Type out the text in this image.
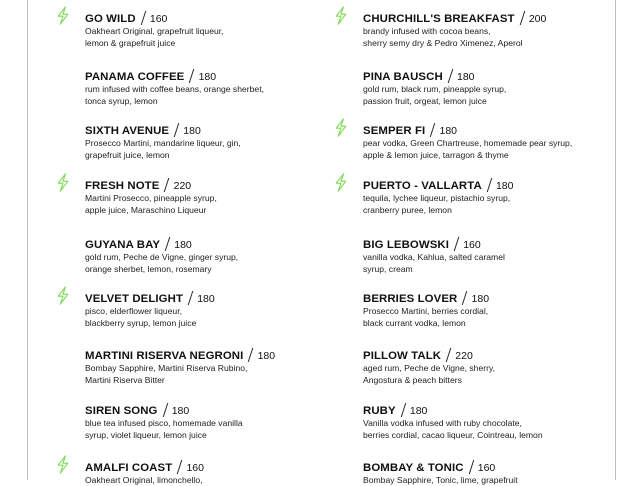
GO WILD 160
Oakheart Original, grapefruit liqueur,
lemon & grapefruit juice
PANAMA COFFEE 180
rum infused with coffee beans, orange sherbet,
tonca syrup, lemon
SIXTH AVENUE 180
Prosecco Martini, mandarine liqueur, gin,
grapefruit juice, lemon
FRESH NOTE 220
Martini Prosecco, pineapple syrup,
apple juice, Maraschino Liqueur
GUYANA BAY 180
gold rum, Peche de Vigne, ginger syrup,
orange sherbet, lemon, rosemary
VELVET DELIGHT 180
pisco, elderflower liqueur,
blackberry syrup, lemon juice
MARTINI RISERVA NEGRONI 180
Bombay Sapphire, Martini Riserva Rubino,
Martini Riserva Bitter
SIREN SONG 180
blue tea infused pisco, homemade vanilla
syrup, violet liqueur, lemon juice
AMALFI COAST 160
Oakheart Original, limonchello,
CHURCHILL'S BREAKFAST 200
brandy infused with cocoa beans,
sherry semy dry & Pedro Ximenez, Aperol
PINA BAUSCH 180
gold rum, black rum, pineapple syrup,
passion fruit, orgeat, lemon juice
SEMPER FI 180
pear vodka, Green Chartreuse, homemade pear syrup,
apple & lemon juice, tarragon & thyme
PUERTO - VALLARTA 180
tequila, lychee liqueur, pistachio syrup,
cranberry puree, lemon
BIG LEBOWSKI 160
vanilla vodka, Kahlua, salted caramel
syrup, cream
BERRIES LOVER 180
Prosecco Martini, berries cordial,
black currant vodka, lemon
PILLOW TALK 220
aged rum, Peche de Vigne, sherry,
Angostura & peach bitters
RUBY 180
Vanilla vodka infused with ruby chocolate,
berries cordial, cacao liqueur, Cointreau, lemon
BOMBAY & TONIC 160
Bombay Sapphire, Tonic, lime, grapefruit
